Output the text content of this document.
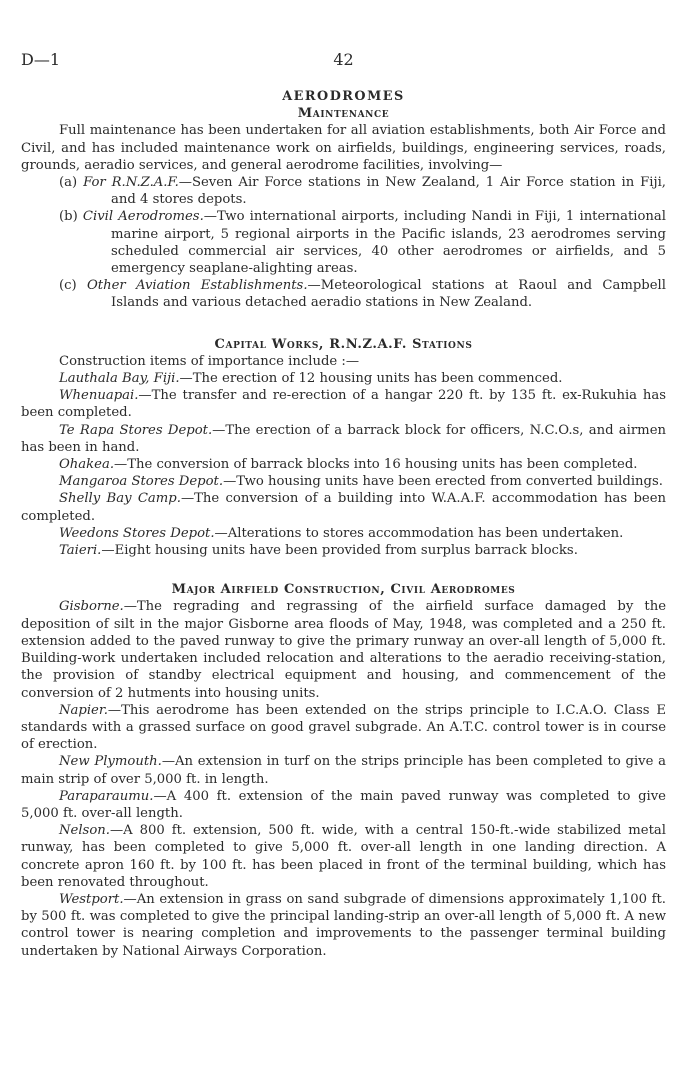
D—1	42
AERODROMES
Maintenance

Full maintenance has been undertaken for all aviation establishments, both Air Force and Civil, and has included maintenance work on airfields, buildings, engineering services, roads, grounds, aeradio services, and general aerodrome facilities, involving—

(a) For R.N.Z.A.F.—Seven Air Force stations in New Zealand, 1 Air Force station in Fiji, and 4 stores depots.

(b) Civil Aerodromes.—Two international airports, including Nandi in Fiji, 1 international marine airport, 5 regional airports in the Pacific islands, 23 aerodromes serving scheduled commercial air services, 40 other aerodromes or airfields, and 5 emergency seaplane-alighting areas.

(c) Other Aviation Establishments.—Meteorological stations at Raoul and Campbell Islands and various detached aeradio stations in New Zealand.

Capital Works, R.N.Z.A.F. Stations

Construction items of importance include :—

Lauthala Bay, Fiji.—The erection of 12 housing units has been commenced.

Whenuapai.—The transfer and re-erection of a hangar 220 ft. by 135 ft. ex-Rukuhia has been completed.

Te Rapa Stores Depot.—The erection of a barrack block for officers, N.C.O.s, and airmen has been in hand.

Ohakea.—The conversion of barrack blocks into 16 housing units has been completed.

Mangaroa Stores Depot.—Two housing units have been erected from converted buildings.

Shelly Bay Camp.—The conversion of a building into W.A.A.F. accommodation has been completed.

Weedons Stores Depot.—Alterations to stores accommodation has been undertaken.

Taieri.—Eight housing units have been provided from surplus barrack blocks.

Major Airfield Construction, Civil Aerodromes

Gisborne.—The regrading and regrassing of the airfield surface damaged by the deposition of silt in the major Gisborne area floods of May, 1948, was completed and a 250 ft. extension added to the paved runway to give the primary runway an over-all length of 5,000 ft. Building-work undertaken included relocation and alterations to the aeradio receiving-station, the provision of standby electrical equipment and housing, and commencement of the conversion of 2 hutments into housing units.

Napier.—This aerodrome has been extended on the strips principle to I.C.A.O. Class E standards with a grassed surface on good gravel subgrade. An A.T.C. control tower is in course of erection.

New Plymouth.—An extension in turf on the strips principle has been completed to give a main strip of over 5,000 ft. in length.

Paraparaumu.—A 400 ft. extension of the main paved runway was completed to give 5,000 ft. over-all length.

Nelson.—A 800 ft. extension, 500 ft. wide, with a central 150-ft.-wide stabilized metal runway, has been completed to give 5,000 ft. over-all length in one landing direction. A concrete apron 160 ft. by 100 ft. has been placed in front of the terminal building, which has been renovated throughout.

Westport.—An extension in grass on sand subgrade of dimensions approximately 1,100 ft. by 500 ft. was completed to give the principal landing-strip an over-all length of 5,000 ft. A new control tower is nearing completion and improvements to the passenger terminal building undertaken by National Airways Corporation.
